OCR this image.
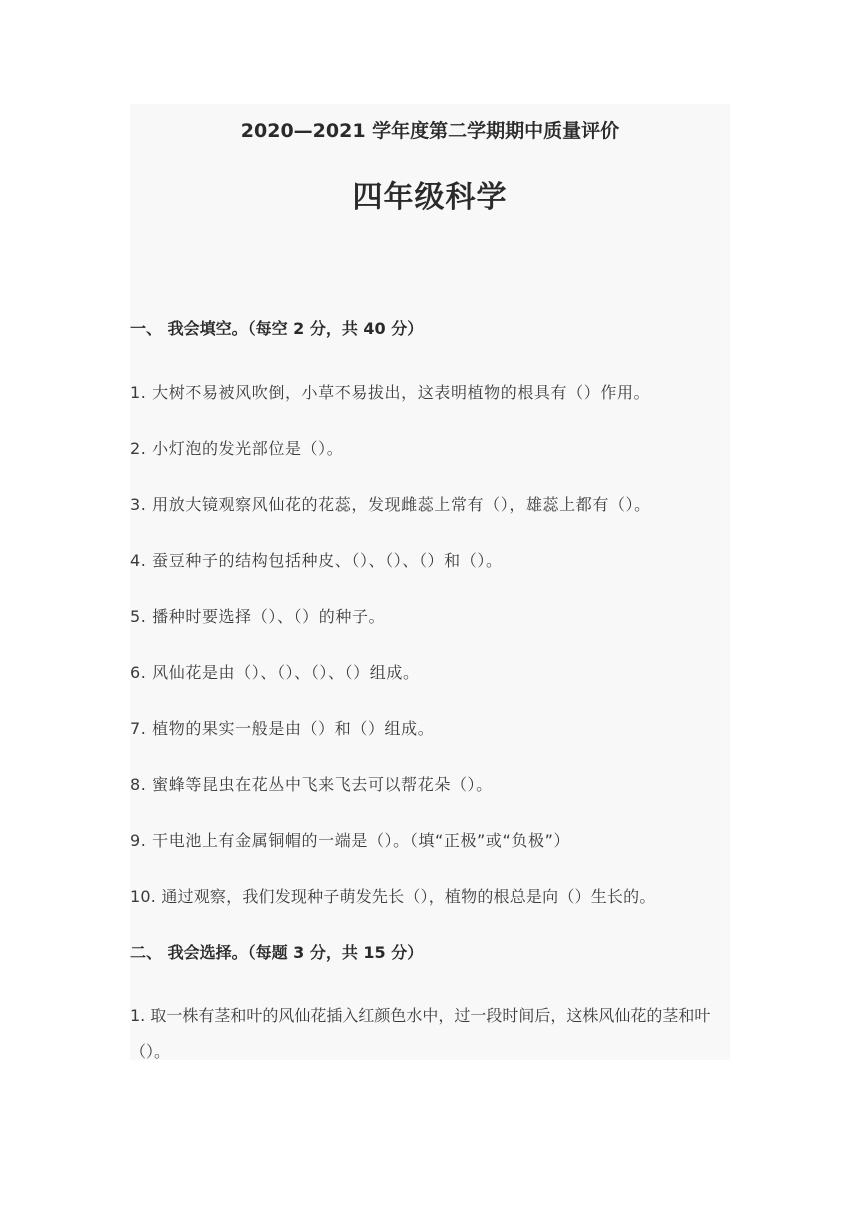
2020—2021 学年度第二学期期中质量评价
四年级科学
一、 我会填空。（每空 2 分，共 40 分）
1. 大树不易被风吹倒，小草不易拔出，这表明植物的根具有（）作用。
2. 小灯泡的发光部位是（）。
3. 用放大镜观察风仙花的花蕊，发现雌蕊上常有（），雄蕊上都有（）。
4. 蚕豆种子的结构包括种皮、（）、（）、（）和（）。
5. 播种时要选择（）、（）的种子。
6. 风仙花是由（）、（）、（）、（）组成。
7. 植物的果实一般是由（）和（）组成。
8. 蜜蜂等昆虫在花丛中飞来飞去可以帮花朵（）。
9. 干电池上有金属铜帽的一端是（）。（填“正极”或“负极”）
10. 通过观察，我们发现种子萌发先长（），植物的根总是向（）生长的。
二、 我会选择。（每题 3 分，共 15 分）
1. 取一株有茎和叶的风仙花插入红颜色水中，过一段时间后，这株风仙花的茎和叶（）。
